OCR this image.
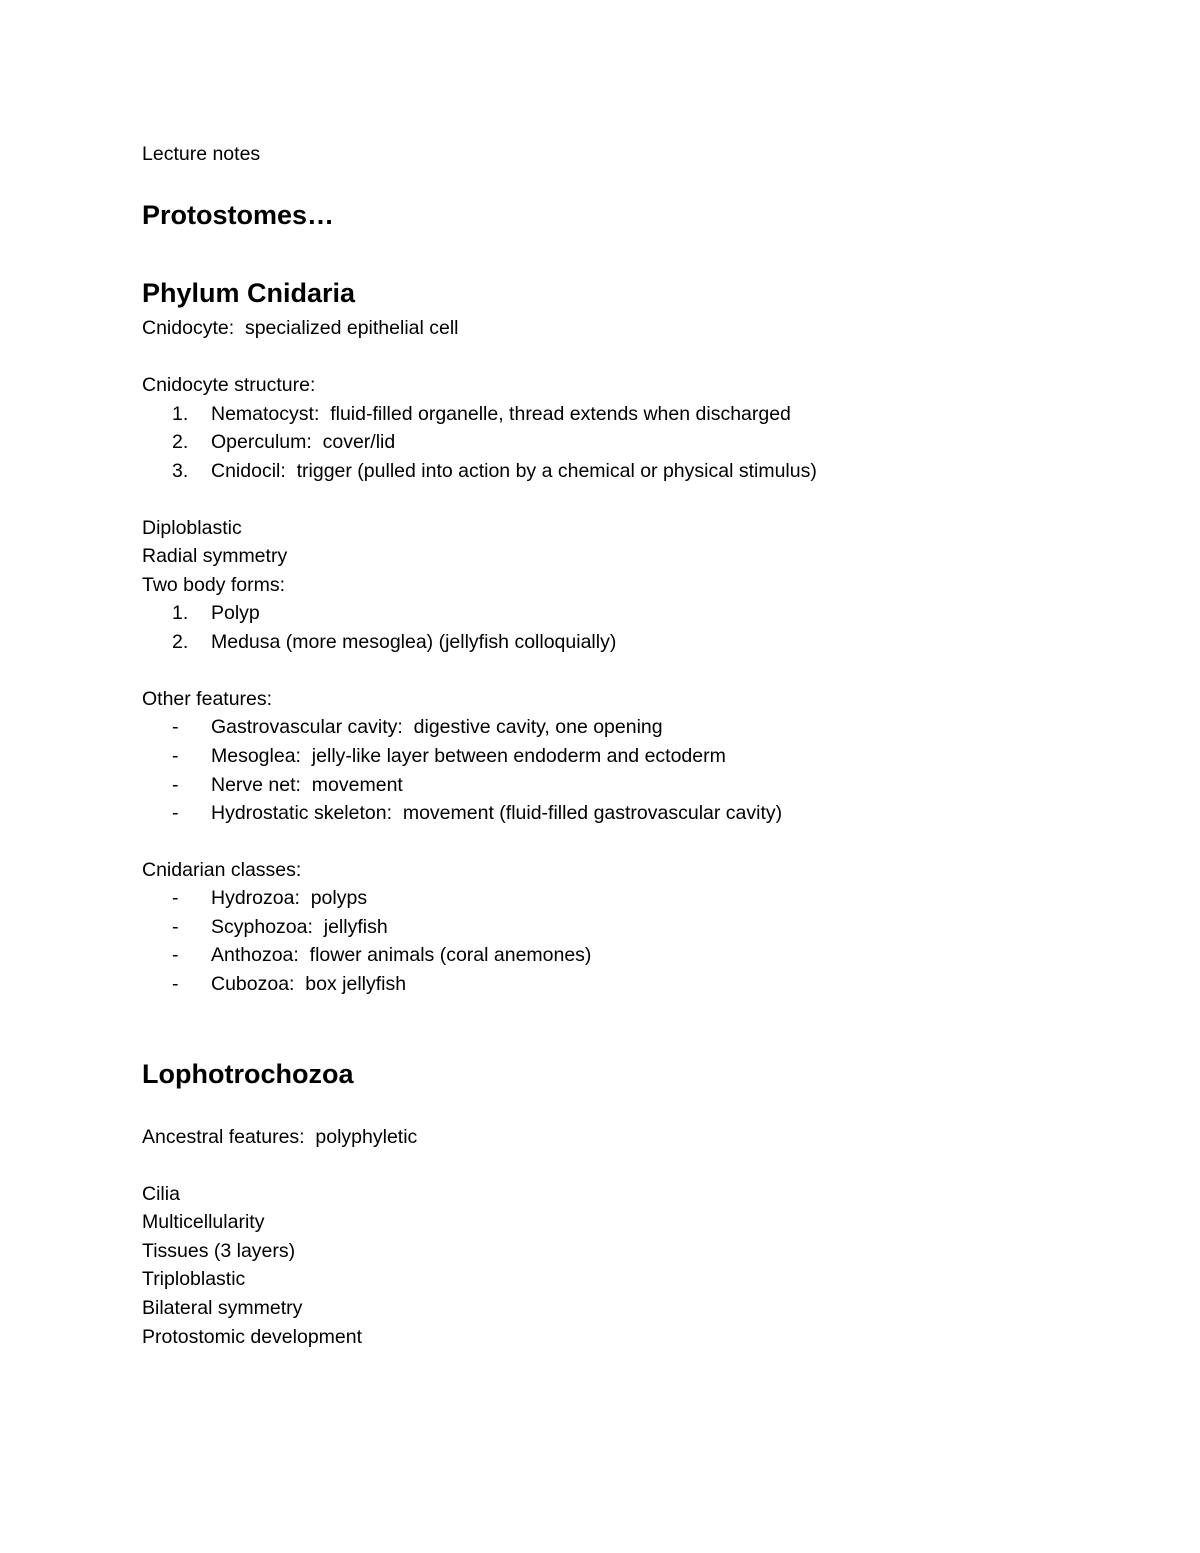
Lecture notes
Protostomes…
Phylum Cnidaria
Cnidocyte:  specialized epithelial cell
Cnidocyte structure:
1. Nematocyst:  fluid-filled organelle, thread extends when discharged
2. Operculum:  cover/lid
3. Cnidocil:  trigger (pulled into action by a chemical or physical stimulus)
Diploblastic
Radial symmetry
Two body forms:
1. Polyp
2. Medusa (more mesoglea) (jellyfish colloquially)
Other features:
- Gastrovascular cavity:  digestive cavity, one opening
- Mesoglea:  jelly-like layer between endoderm and ectoderm
- Nerve net:  movement
- Hydrostatic skeleton:  movement (fluid-filled gastrovascular cavity)
Cnidarian classes:
- Hydrozoa:  polyps
- Scyphozoa:  jellyfish
- Anthozoa:  flower animals (coral anemones)
- Cubozoa:  box jellyfish
Lophotrochozoa
Ancestral features:  polyphyletic
Cilia
Multicellularity
Tissues (3 layers)
Triploblastic
Bilateral symmetry
Protostomic development
